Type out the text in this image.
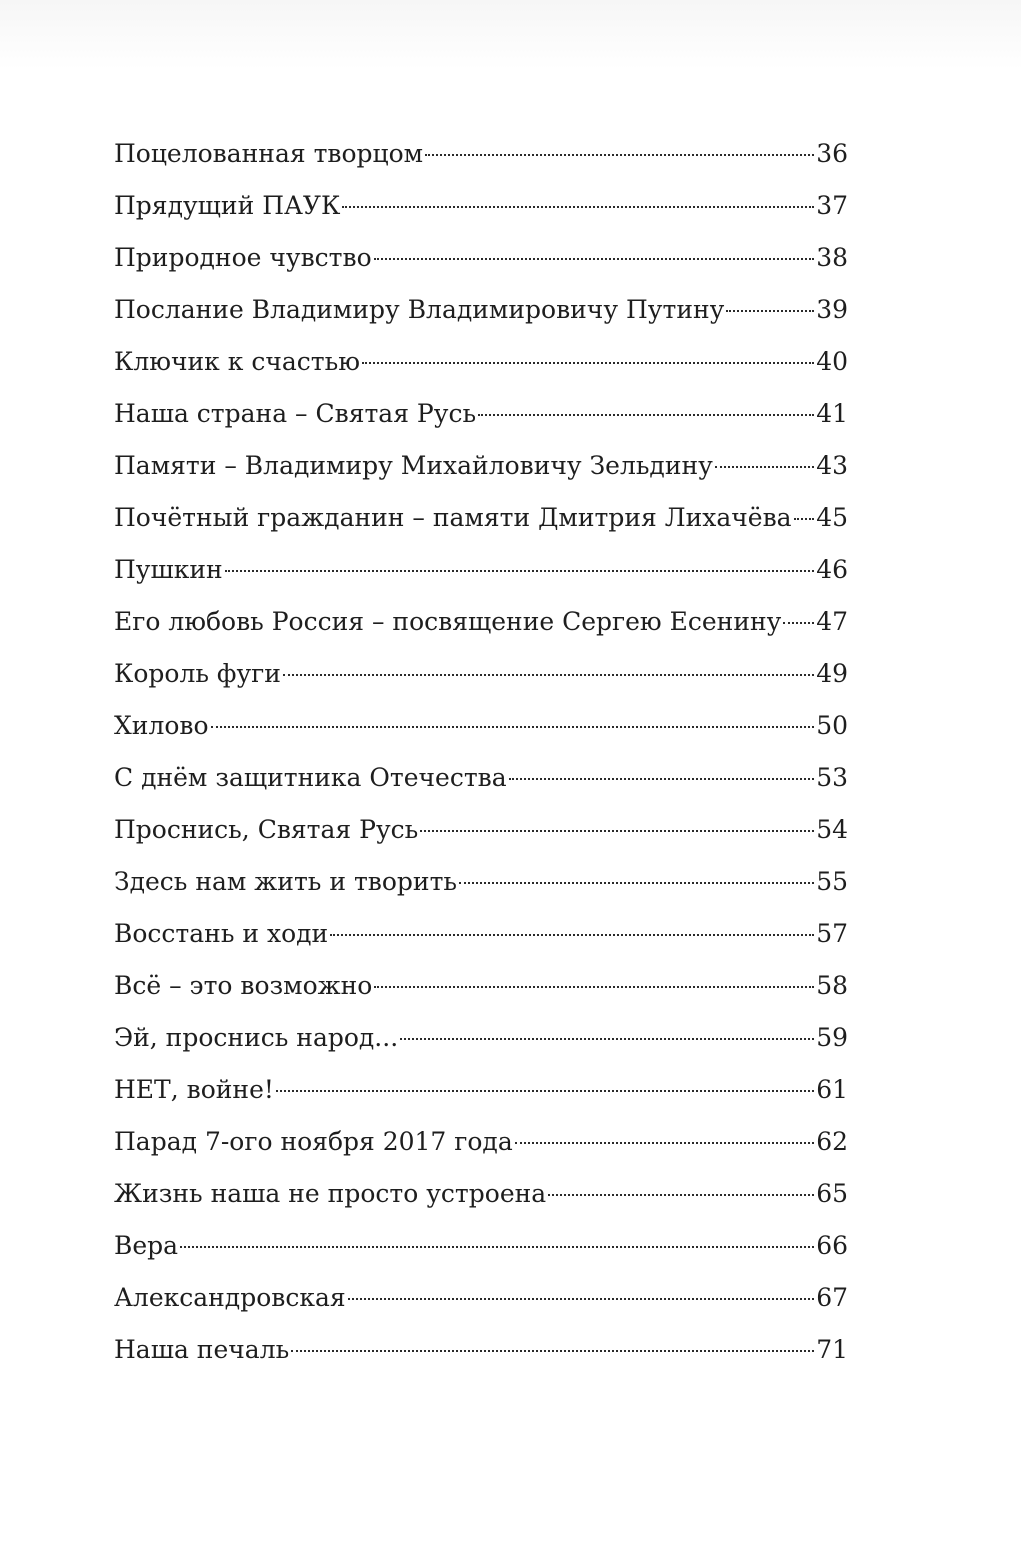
Поцелованная творцом	36
Прядущий ПАУК	37
Природное чувство	38
Послание Владимиру Владимировичу Путину	39
Ключик к счастью	40
Наша страна – Святая Русь	41
Памяти – Владимиру Михайловичу Зельдину	43
Почётный гражданин – памяти Дмитрия Лихачёва 45
Пушкин	46
Его любовь Россия – посвящение Сергею Есенину 47
Король фуги	49
Хилово	50
С днём защитника Отечества	53
Проснись, Святая Русь	54
Здесь нам жить и творить	55
Восстань и ходи	57
Всё – это возможно	58
Эй, проснись народ...	59
НЕТ, войне!	61
Парад 7-ого ноября 2017 года	62
Жизнь наша не просто устроена	65
Вера	66
Александровская	67
Наша печаль	71
